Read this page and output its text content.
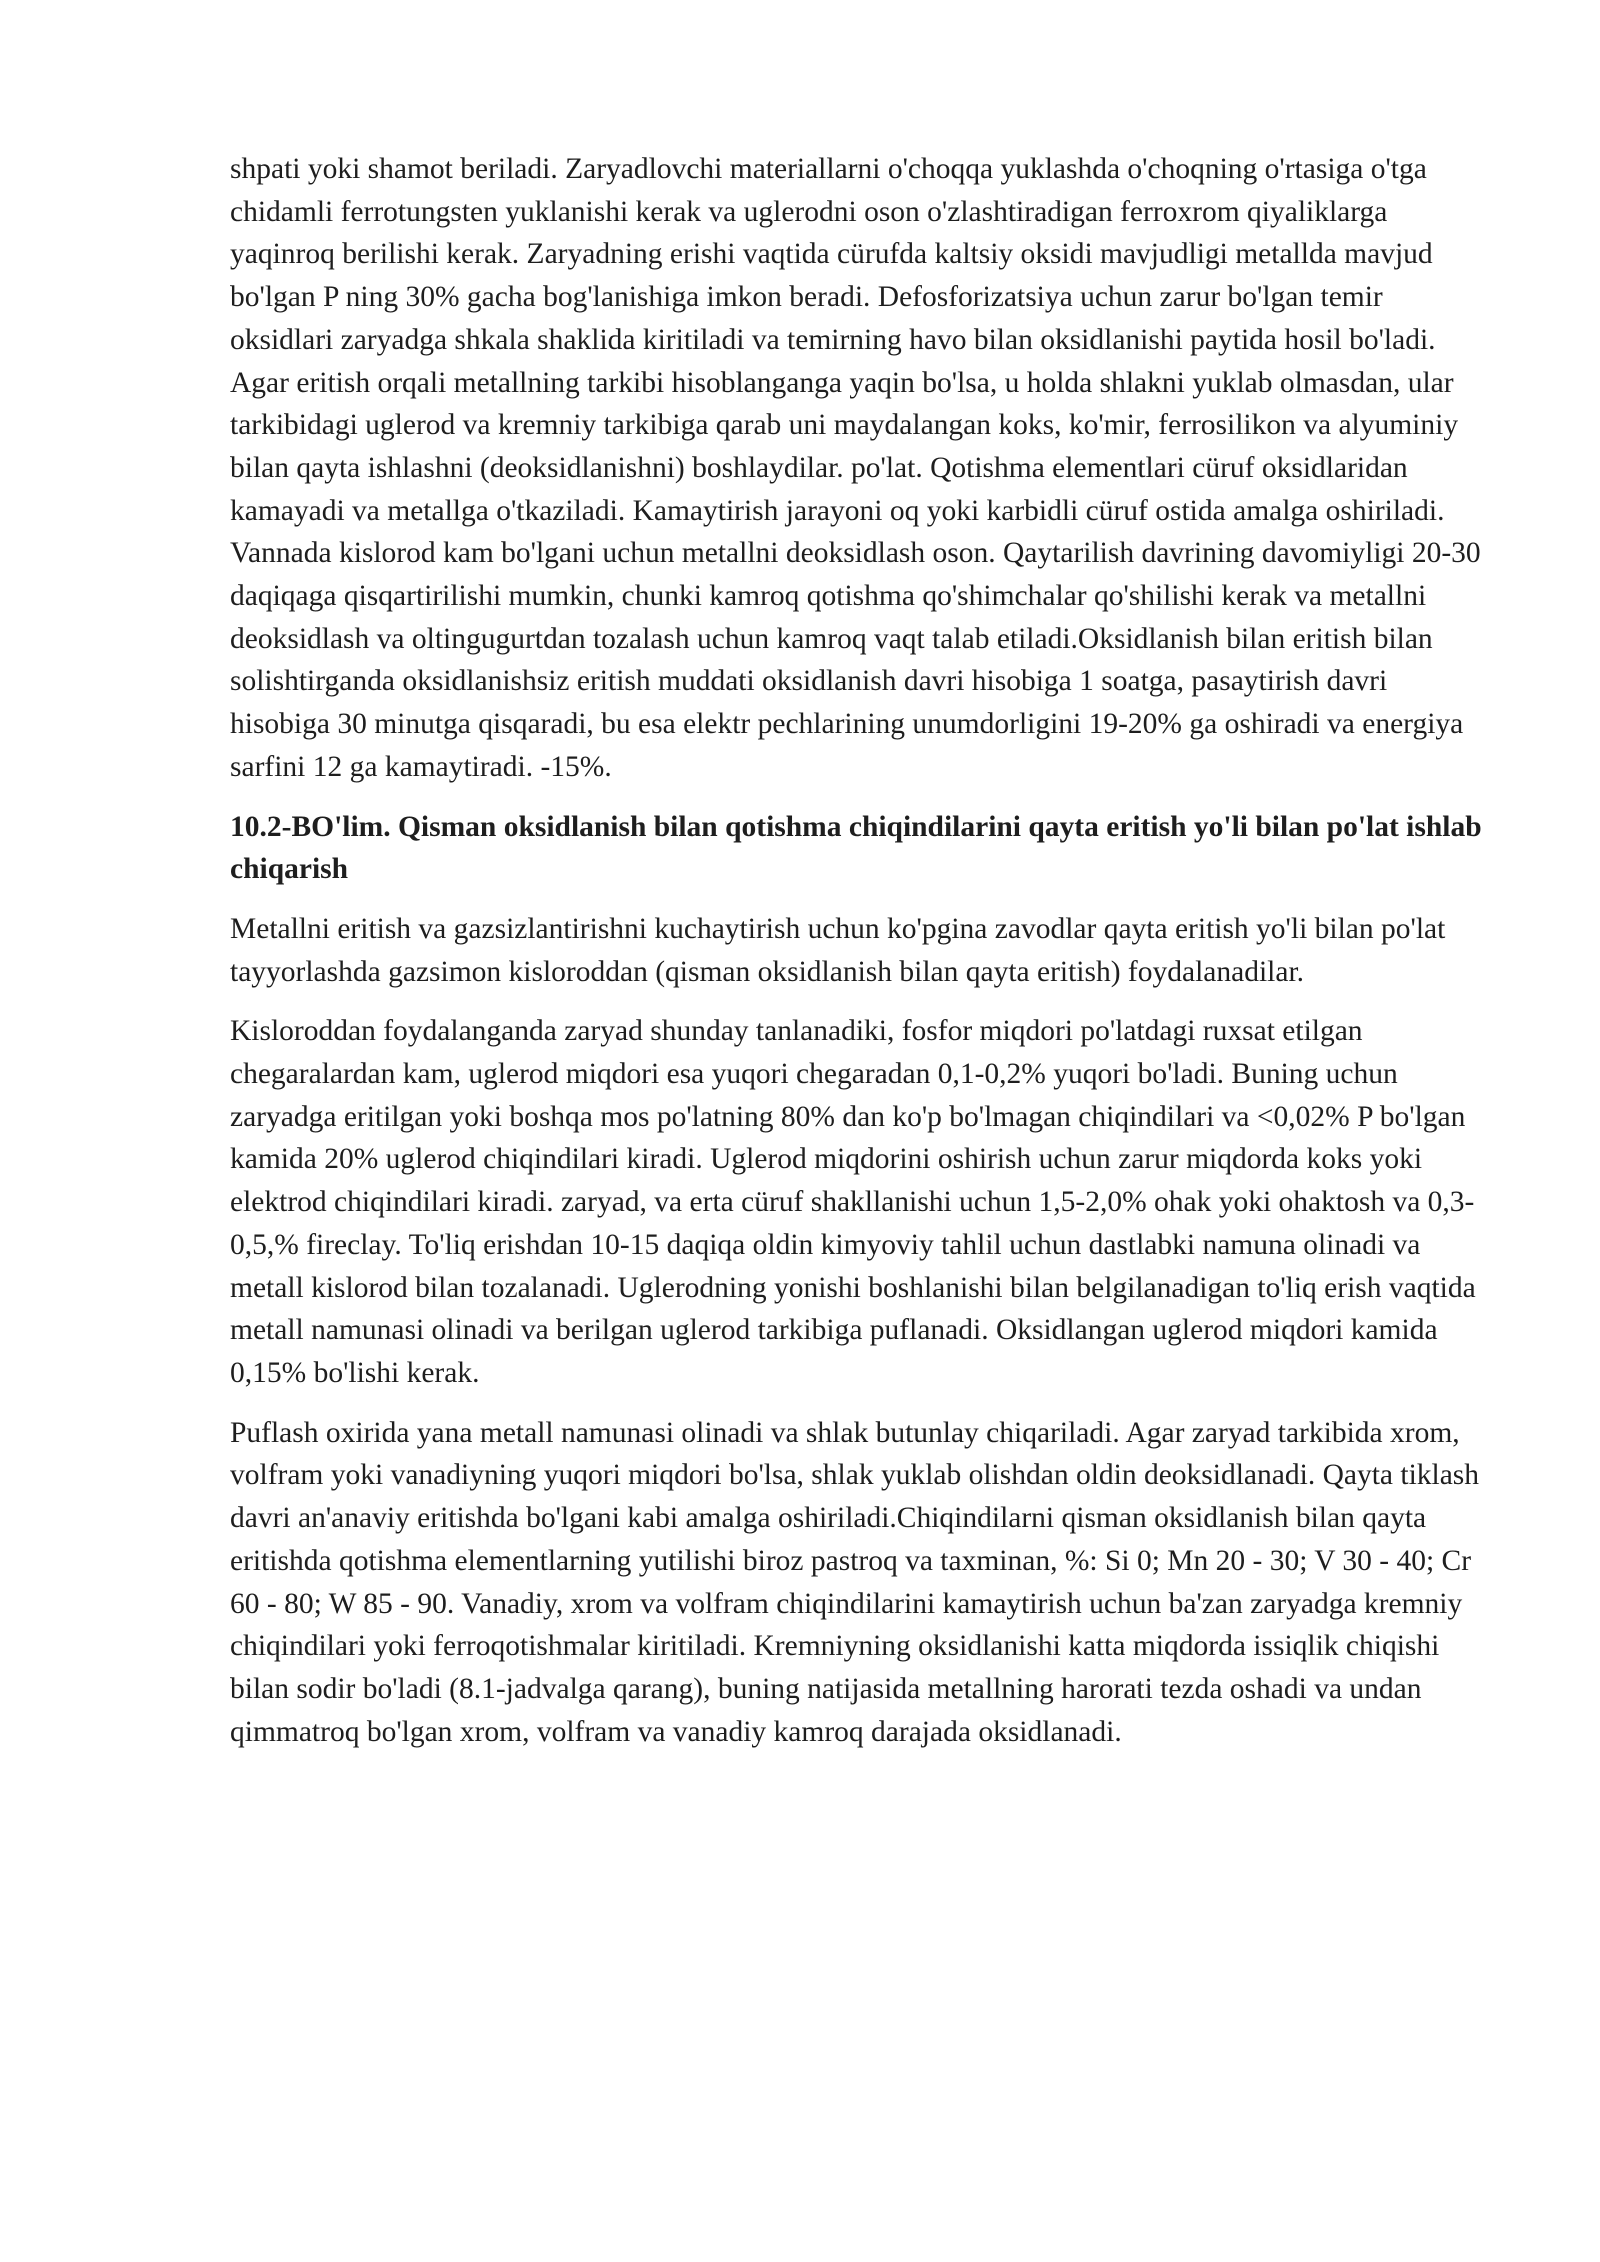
shpati yoki shamot beriladi. Zaryadlovchi materiallarni o'choqqa yuklashda o'choqning o'rtasiga o'tga chidamli ferrotungsten yuklanishi kerak va uglerodni oson o'zlashtiradigan ferroxrom qiyaliklarga yaqinroq berilishi kerak. Zaryadning erishi vaqtida cürufda kaltsiy oksidi mavjudligi metallda mavjud bo'lgan P ning 30% gacha bog'lanishiga imkon beradi. Defosforizatsiya uchun zarur bo'lgan temir oksidlari zaryadga shkala shaklida kiritiladi va temirning havo bilan oksidlanishi paytida hosil bo'ladi. Agar eritish orqali metallning tarkibi hisoblanganga yaqin bo'lsa, u holda shlakni yuklab olmasdan, ular tarkibidagi uglerod va kremniy tarkibiga qarab uni maydalangan koks, ko'mir, ferrosilikon va alyuminiy bilan qayta ishlashni (deoksidlanishni) boshlaydilar. po'lat. Qotishma elementlari cüruf oksidlaridan kamayadi va metallga o'tkaziladi. Kamaytirish jarayoni oq yoki karbidli cüruf ostida amalga oshiriladi. Vannada kislorod kam bo'lgani uchun metallni deoksidlash oson. Qaytarilish davrining davomiyligi 20-30 daqiqaga qisqartirilishi mumkin, chunki kamroq qotishma qo'shimchalar qo'shilishi kerak va metallni deoksidlash va oltingugurtdan tozalash uchun kamroq vaqt talab etiladi.Oksidlanish bilan eritish bilan solishtirganda oksidlanishsiz eritish muddati oksidlanish davri hisobiga 1 soatga, pasaytirish davri hisobiga 30 minutga qisqaradi, bu esa elektr pechlarining unumdorligini 19-20% ga oshiradi va energiya sarfini 12 ga kamaytiradi. -15%.

10.2-BO'lim. Qisman oksidlanish bilan qotishma chiqindilarini qayta eritish yo'li bilan po'lat ishlab chiqarish

Metallni eritish va gazsizlantirishni kuchaytirish uchun ko'pgina zavodlar qayta eritish yo'li bilan po'lat tayyorlashda gazsimon kisloroddan (qisman oksidlanish bilan qayta eritish) foydalanadilar.

Kisloroddan foydalanganda zaryad shunday tanlanadiki, fosfor miqdori po'latdagi ruxsat etilgan chegaralardan kam, uglerod miqdori esa yuqori chegaradan 0,1-0,2% yuqori bo'ladi. Buning uchun zaryadga eritilgan yoki boshqa mos po'latning 80% dan ko'p bo'lmagan chiqindilari va <0,02% P bo'lgan kamida 20% uglerod chiqindilari kiradi. Uglerod miqdorini oshirish uchun zarur miqdorda koks yoki elektrod chiqindilari kiradi. zaryad, va erta cüruf shakllanishi uchun 1,5-2,0% ohak yoki ohaktosh va 0,3-0,5,% fireclay. To'liq erishdan 10-15 daqiqa oldin kimyoviy tahlil uchun dastlabki namuna olinadi va metall kislorod bilan tozalanadi. Uglerodning yonishi boshlanishi bilan belgilanadigan to'liq erish vaqtida metall namunasi olinadi va berilgan uglerod tarkibiga puflanadi. Oksidlangan uglerod miqdori kamida 0,15% bo'lishi kerak.

Puflash oxirida yana metall namunasi olinadi va shlak butunlay chiqariladi. Agar zaryad tarkibida xrom, volfram yoki vanadiyning yuqori miqdori bo'lsa, shlak yuklab olishdan oldin deoksidlanadi. Qayta tiklash davri an'anaviy eritishda bo'lgani kabi amalga oshiriladi.Chiqindilarni qisman oksidlanish bilan qayta eritishda qotishma elementlarning yutilishi biroz pastroq va taxminan, %: Si 0; Mn 20 - 30; V 30 - 40; Cr 60 - 80; W 85 - 90. Vanadiy, xrom va volfram chiqindilarini kamaytirish uchun ba'zan zaryadga kremniy chiqindilari yoki ferroqotishmalar kiritiladi. Kremniyning oksidlanishi katta miqdorda issiqlik chiqishi bilan sodir bo'ladi (8.1-jadvalga qarang), buning natijasida metallning harorati tezda oshadi va undan qimmatroq bo'lgan xrom, volfram va vanadiy kamroq darajada oksidlanadi.
